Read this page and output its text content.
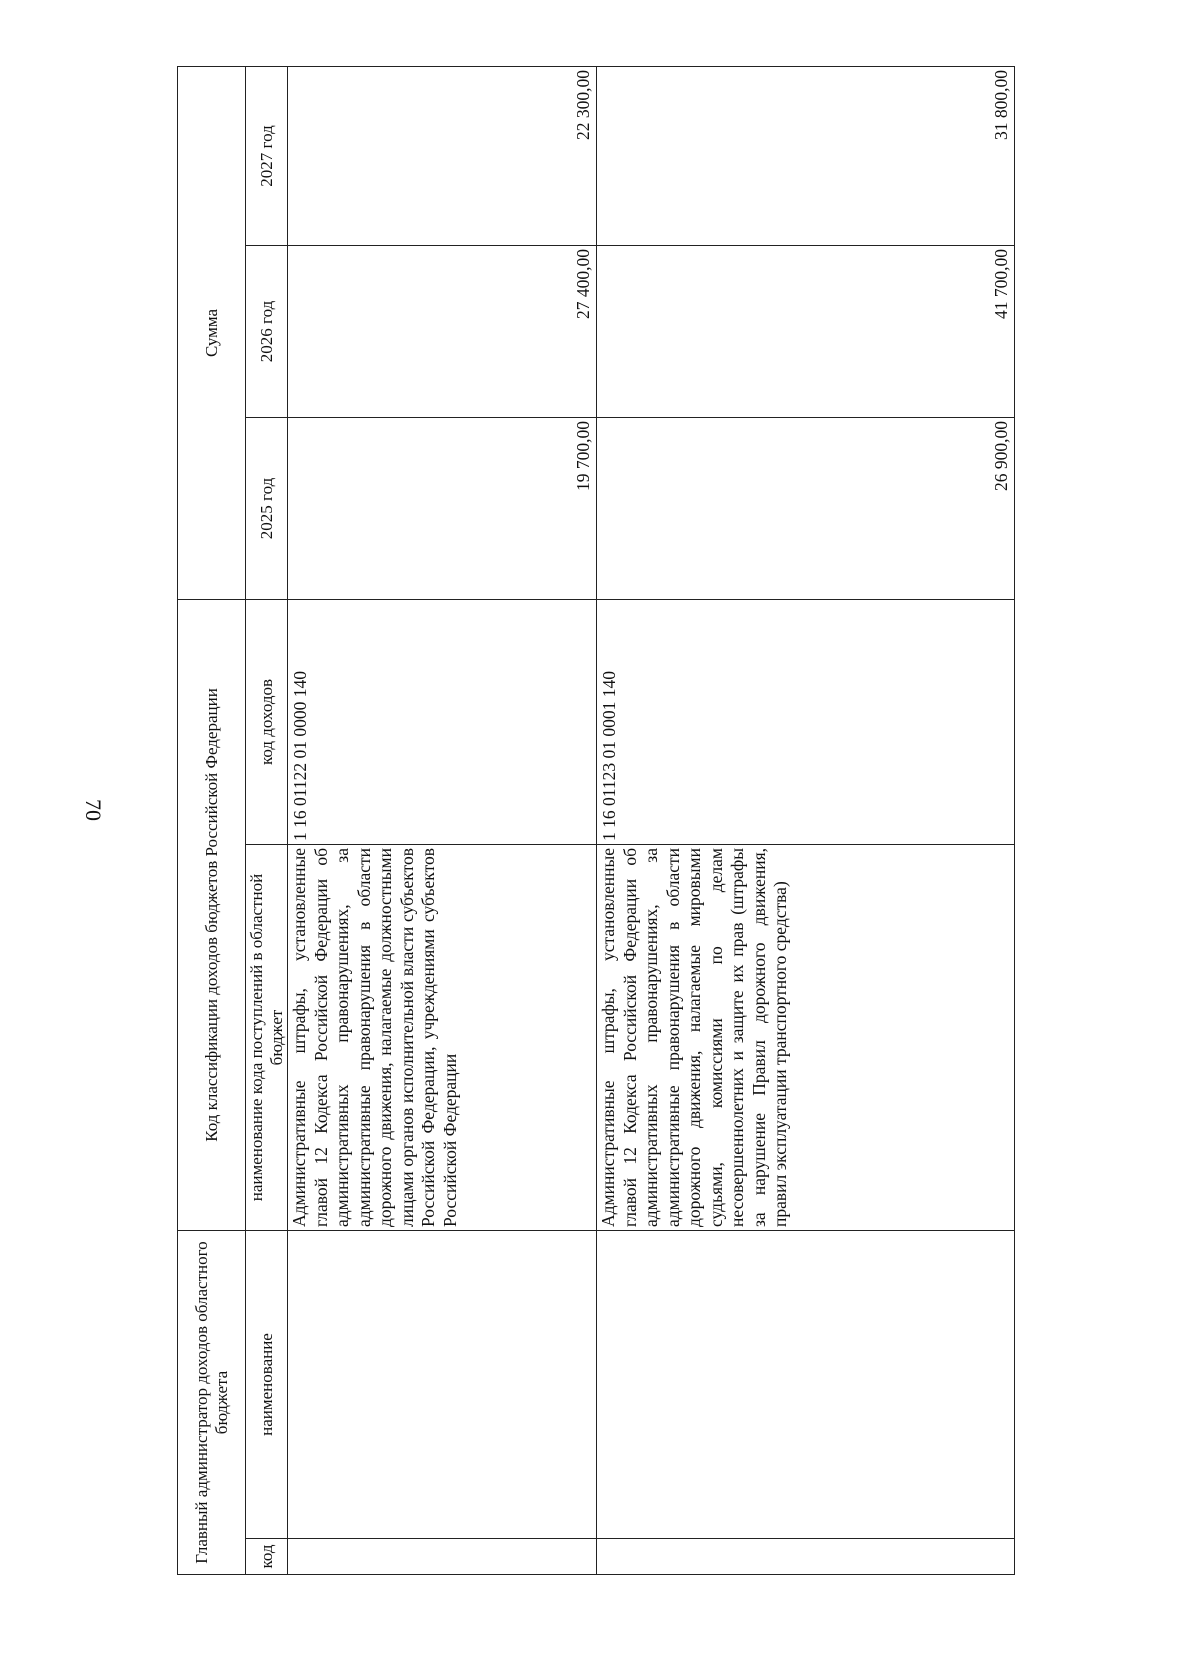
70
Главный администратор доходов областного бюджета		Код классификации доходов бюджетов Российской Федерации		Сумма		
код	наименование	наименование кода поступлений в областной бюджет	код доходов	2025 год	2026 год	2027 год
		Административные штрафы, установленные главой 12 Кодекса Российской Федерации об административных правонарушениях, за административные правонарушения в области дорожного движения, налагаемые должностными лицами органов исполнительной власти субъектов Российской Федерации, учреждениями субъектов Российской Федерации	1 16 01122 01 0000 140	19 700,00	27 400,00	22 300,00
		Административные штрафы, установленные главой 12 Кодекса Российской Федерации об административных правонарушениях, за административные правонарушения в области дорожного движения, налагаемые мировыми судьями, комиссиями по делам несовершеннолетних и защите их прав (штрафы за нарушение Правил дорожного движения, правил эксплуатации транспортного средства)	1 16 01123 01 0001 140	26 900,00	41 700,00	31 800,00
